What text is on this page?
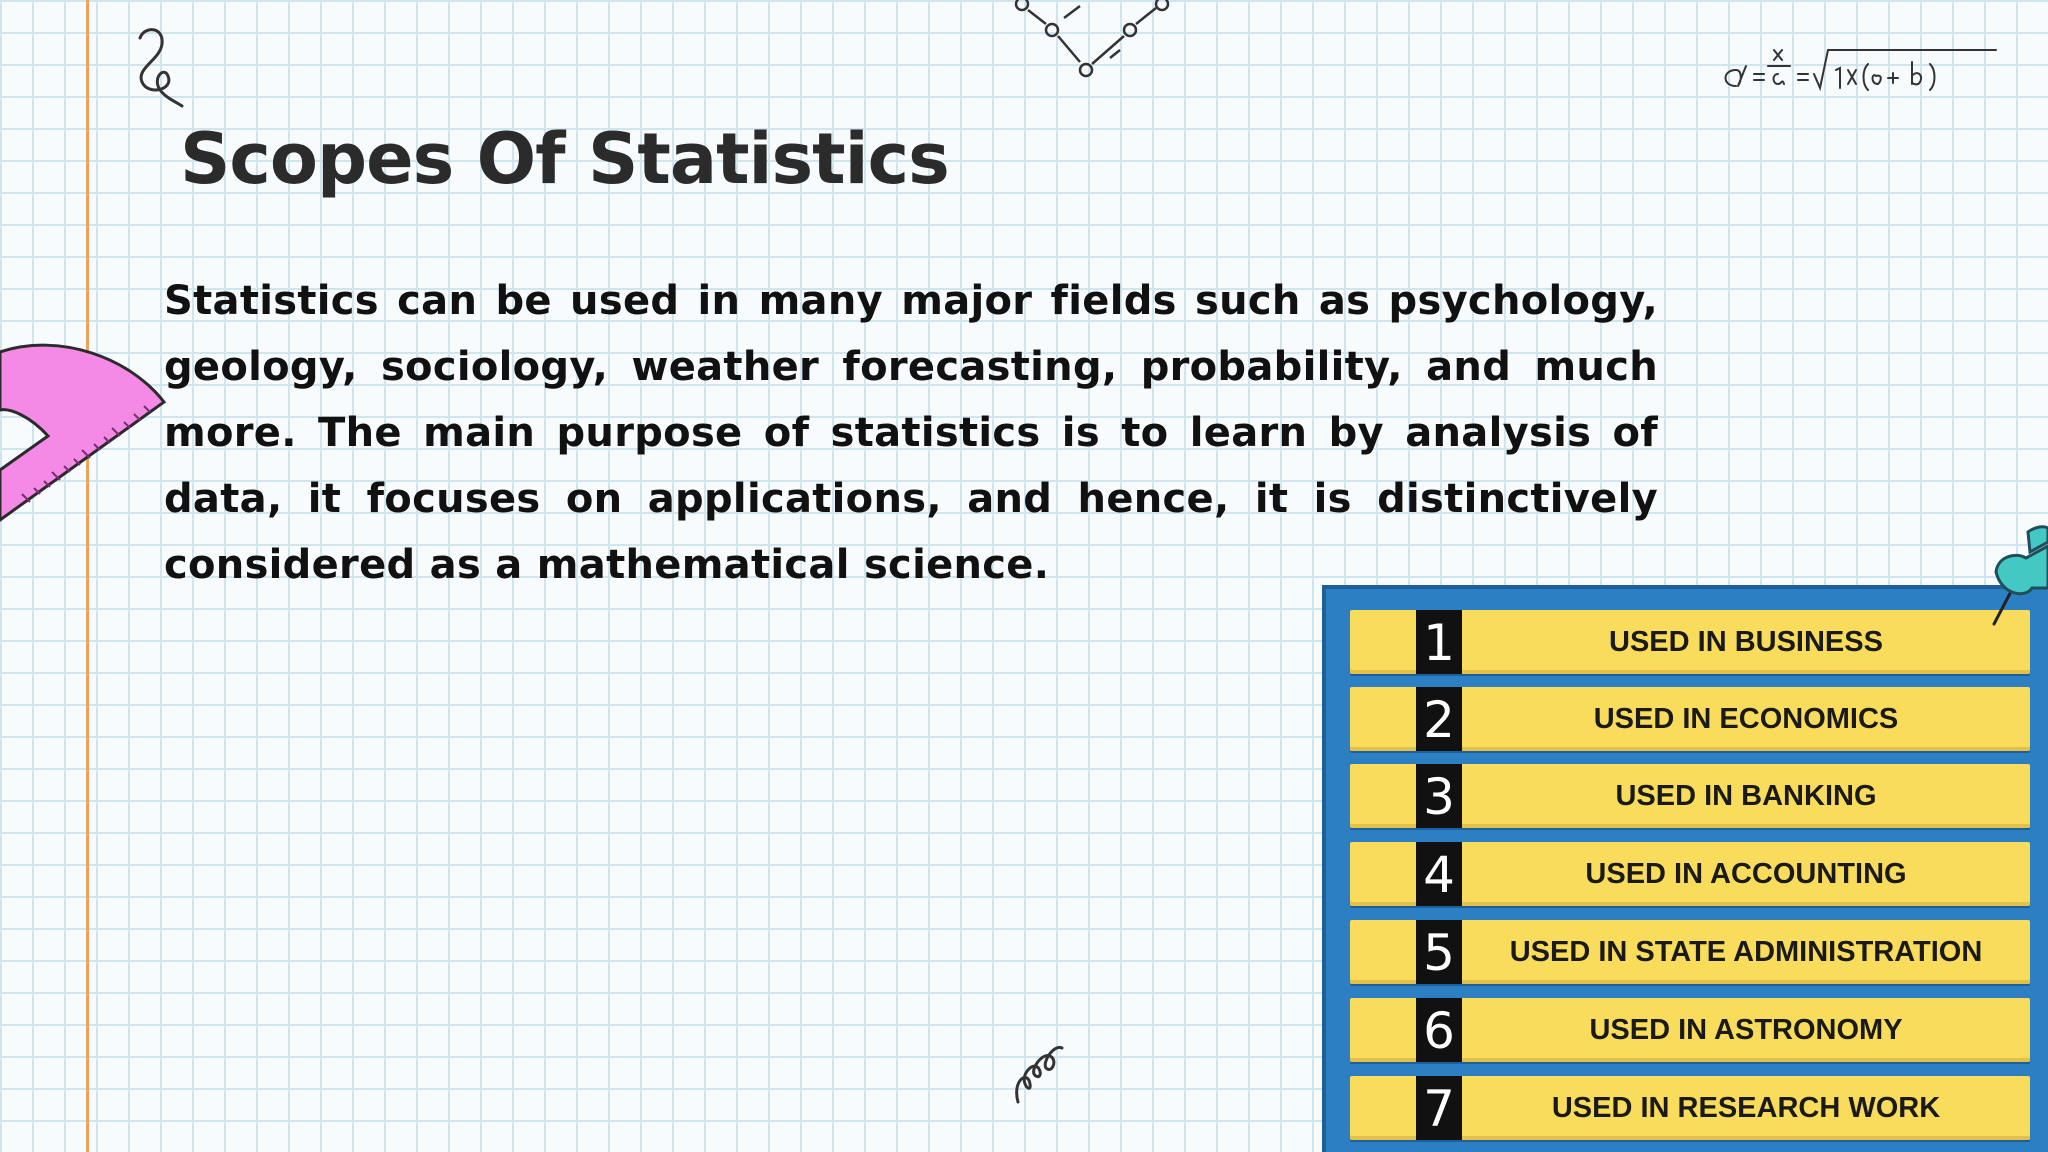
Scopes Of Statistics

Statistics can be used in many major fields such as psychology, geology, sociology, weather forecasting, probability, and much more. The main purpose of statistics is to learn by analysis of data, it focuses on applications, and hence, it is distinctively considered as a mathematical science.

1	USED IN BUSINESS
2	USED IN ECONOMICS
3	USED IN BANKING
4	USED IN ACCOUNTING
5	USED IN STATE ADMINISTRATION
6	USED IN ASTRONOMY
7	USED IN RESEARCH WORK
